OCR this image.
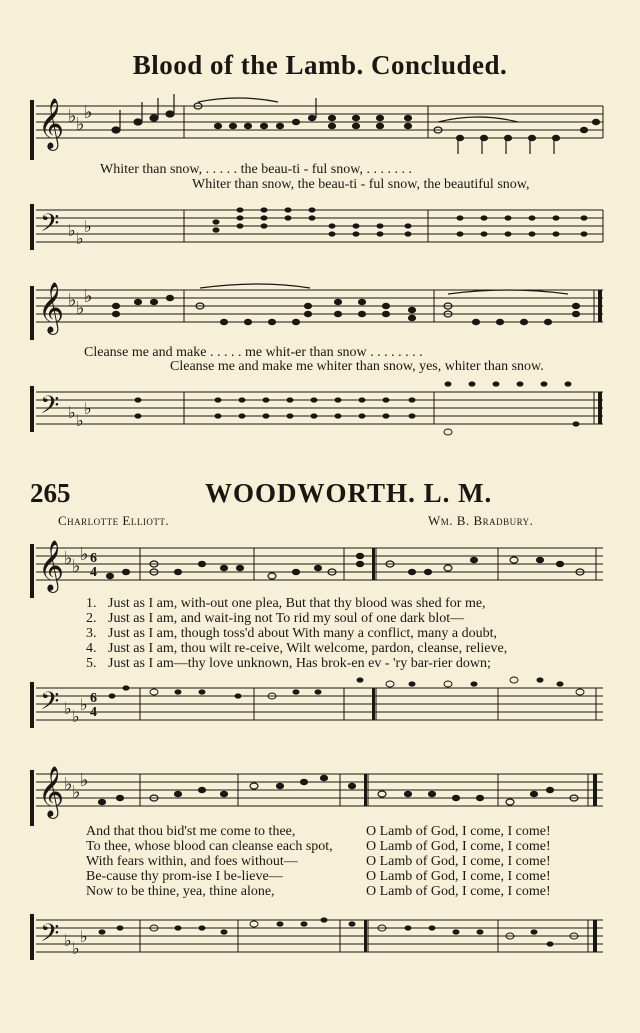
Blood of the Lamb. Concluded.
𝄞 ♭ ♭
♭
Whiter than snow, . . . . . the beau-ti - ful snow, . . . . . . .
Whiter than snow, the beau-ti - ful snow, the beautiful snow,
𝄢 ♭ ♭
♭
𝄞 ♭ ♭
♭
Cleanse me and make . . . . . me whit-er than snow . . . . . . . .
Cleanse me and make me whiter than snow, yes, whiter than snow.
𝄢 ♭ ♭
♭
265	WOODWORTH. L. M.
Charlotte Elliott.	Wm. B. Bradbury.
𝄞 ♭ ♭
♭ 6
4
1. Just as I am, with-out one plea, But that thy blood was shed for me,
2. Just as I am, and wait-ing not To rid my soul of one dark blot—
3. Just as I am, though toss'd about With many a conflict, many a doubt,
4. Just as I am, thou wilt re-ceive, Wilt welcome, pardon, cleanse, relieve,
5. Just as I am—thy love unknown, Has brok-en ev - 'ry bar-rier down;
𝄢 ♭ ♭
♭ 6
4
𝄞 ♭ ♭
♭
And that thou bid'st me come to thee,	O Lamb of God, I come, I come!
To thee, whose blood can cleanse each spot, O Lamb of God, I come, I come!
With fears within, and foes without—	O Lamb of God, I come, I come!
Be-cause thy prom-ise I be-lieve—	O Lamb of God, I come, I come!
Now to be thine, yea, thine alone,	O Lamb of God, I come, I come!
𝄢 ♭ ♭
♭
